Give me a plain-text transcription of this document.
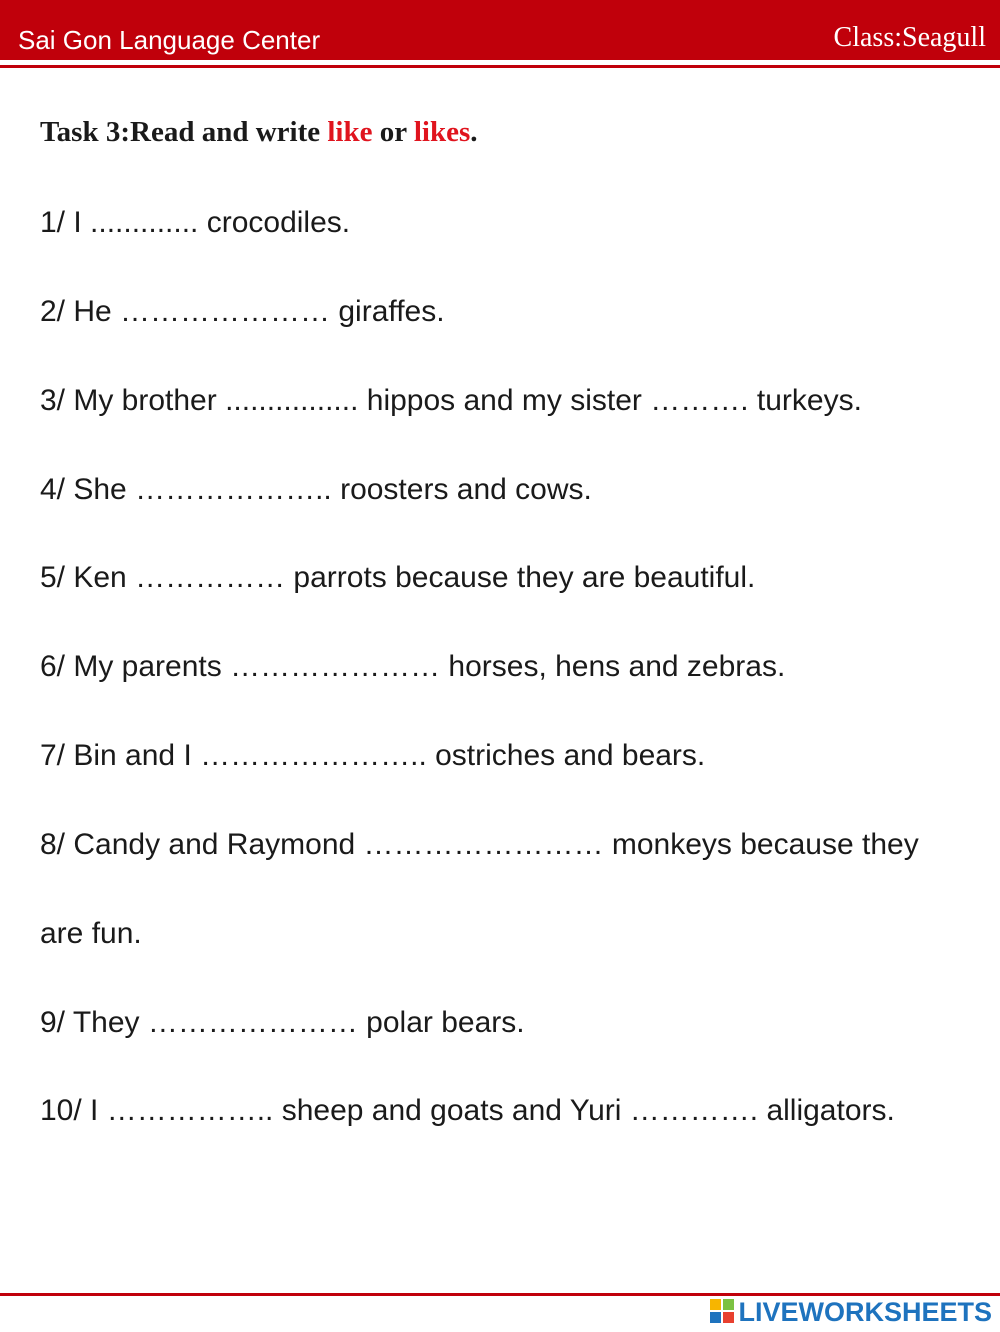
Sai Gon Language Center	Class:Seagull
Task 3:Read and write like or likes.
1/ I ............. crocodiles.
2/ He ………………… giraffes.
3/ My brother ................ hippos and my sister ………. turkeys.
4/ She ……………….. roosters and cows.
5/ Ken …………… parrots because they are beautiful.
6/ My parents ………………… horses, hens and zebras.
7/ Bin and I ………………….. ostriches and bears.
8/ Candy and Raymond …………………… monkeys because they
are fun.
9/ They ………………… polar bears.
10/ I …………….. sheep and goats and Yuri …………. alligators.
LIVEWORKSHEETS
